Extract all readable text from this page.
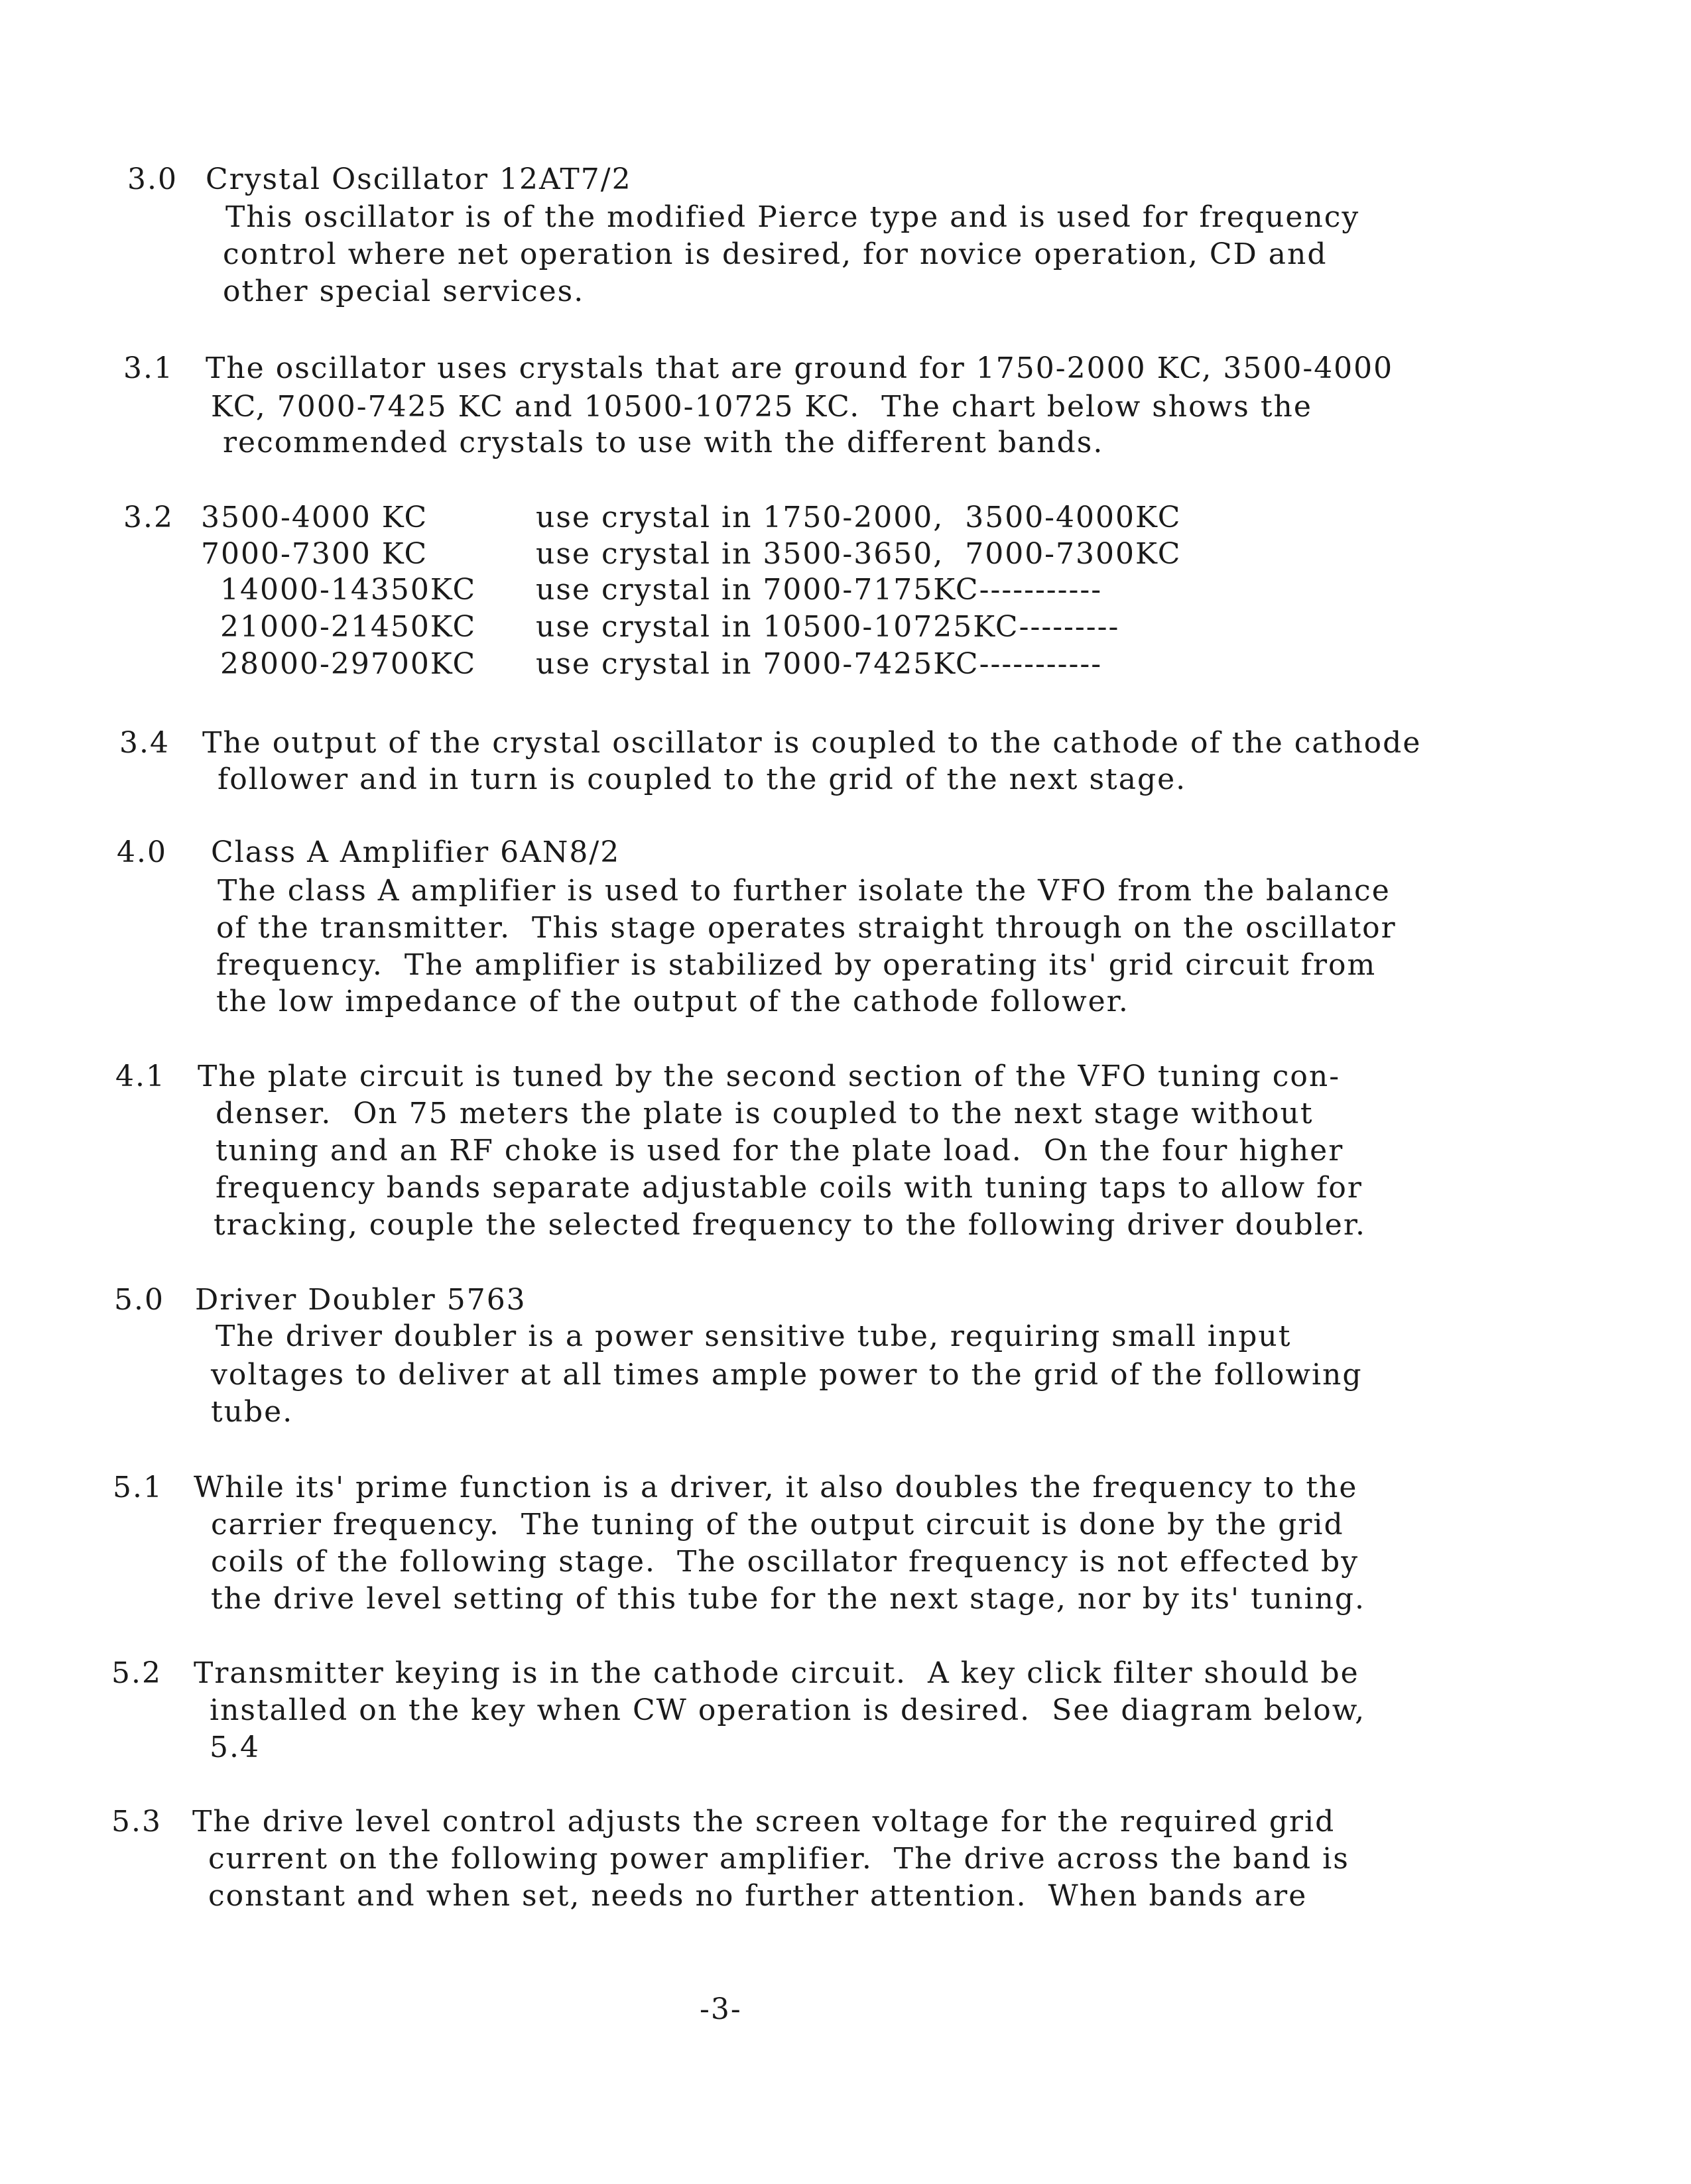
3.0 Crystal Oscillator 12AT7/2
This oscillator is of the modified Pierce type and is used for frequency
control where net operation is desired, for novice operation, CD and
other special services.
3.1 The oscillator uses crystals that are ground for 1750-2000 KC, 3500-4000
KC, 7000-7425 KC and 10500-10725 KC.  The chart below shows the
recommended crystals to use with the different bands.
3.2 3500-4000 KC	use crystal in 1750-2000,  3500-4000KC
7000-7300 KC	use crystal in 3500-3650,  7000-7300KC
14000-14350KC use crystal in 7000-7175KC-----------
21000-21450KC use crystal in 10500-10725KC---------
28000-29700KC use crystal in 7000-7425KC-----------
3.4 The output of the crystal oscillator is coupled to the cathode of the cathode
follower and in turn is coupled to the grid of the next stage.
4.0 Class A Amplifier 6AN8/2
The class A amplifier is used to further isolate the VFO from the balance
of the transmitter.  This stage operates straight through on the oscillator
frequency.  The amplifier is stabilized by operating its' grid circuit from
the low impedance of the output of the cathode follower.
4.1 The plate circuit is tuned by the second section of the VFO tuning con-
denser.  On 75 meters the plate is coupled to the next stage without
tuning and an RF choke is used for the plate load.  On the four higher
frequency bands separate adjustable coils with tuning taps to allow for
tracking, couple the selected frequency to the following driver doubler.
5.0 Driver Doubler 5763
The driver doubler is a power sensitive tube, requiring small input
voltages to deliver at all times ample power to the grid of the following
tube.
5.1 While its' prime function is a driver, it also doubles the frequency to the
carrier frequency.  The tuning of the output circuit is done by the grid
coils of the following stage.  The oscillator frequency is not effected by
the drive level setting of this tube for the next stage, nor by its' tuning.
5.2 Transmitter keying is in the cathode circuit.  A key click filter should be
installed on the key when CW operation is desired.  See diagram below,
5.4
5.3 The drive level control adjusts the screen voltage for the required grid
current on the following power amplifier.  The drive across the band is
constant and when set, needs no further attention.  When bands are
-3-
